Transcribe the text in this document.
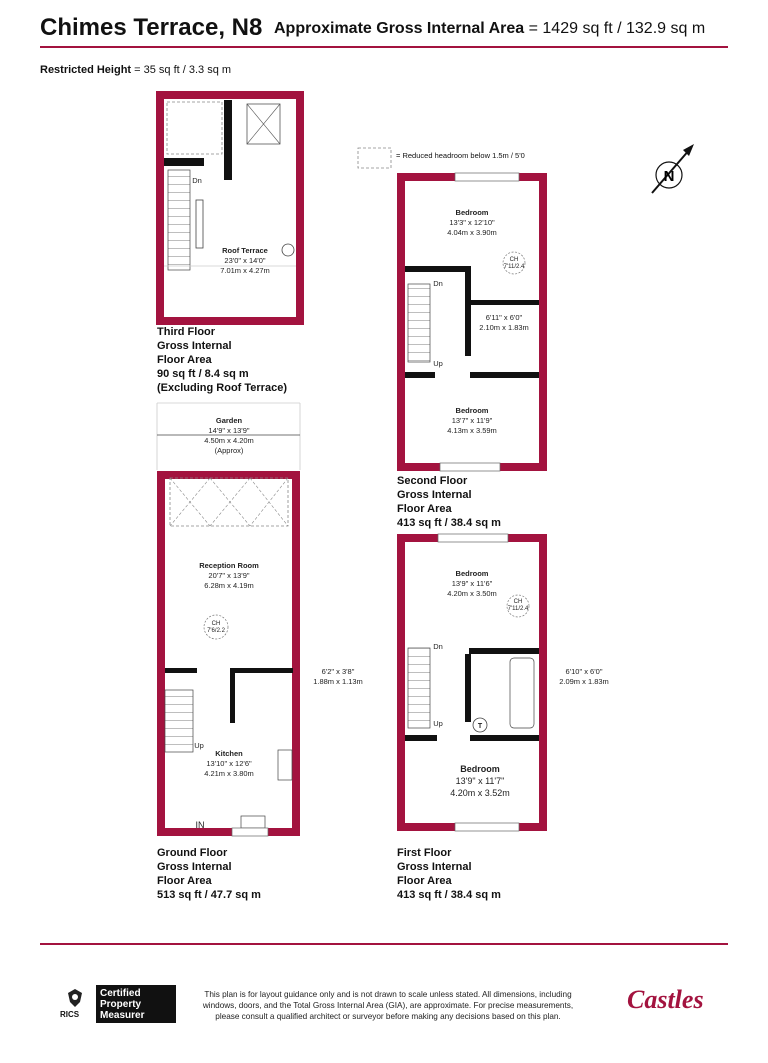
Chimes Terrace, N8 Approximate Gross Internal Area = 1429 sq ft / 132.9 sq m
Restricted Height = 35 sq ft / 3.3 sq m
Dn
Roof Terrace
23'0" x 14'0"
7.01m x 4.27m
Bedroom
13'3" x 12'10"
4.04m x 3.90m
CH
7'11/2.4
Dn
6'11" x 6'0"
2.10m x 1.83m
Up
Bedroom
13'7" x 11'9"
4.13m x 3.59m
Garden
14'9" x 13'9"
4.50m x 4.20m
(Approx)
Reception Room
20'7" x 13'9"
6.28m x 4.19m
CH
7'6/2.2
6'2" x 3'8"
1.88m x 1.13m
Up
Kitchen
13'10" x 12'6"
4.21m x 3.80m
IN
Bedroom
13'9" x 11'6"
4.20m x 3.50m
CH
7'11/2.4
Dn
6'10" x 6'0"
2.09m x 1.83m
Up	T
Bedroom
13'9" x 11'7"
4.20m x 3.52m
N
= Reduced headroom below 1.5m / 5'0
Third Floor
Gross Internal
Floor Area
90 sq ft / 8.4 sq m
(Excluding Roof Terrace)
Second Floor
Gross Internal
Floor Area
413 sq ft / 38.4 sq m
Ground Floor
Gross Internal
Floor Area
513 sq ft / 47.7 sq m
First Floor
Gross Internal
Floor Area
413 sq ft / 38.4 sq m
RICS
Certified
Property
Measurer
This plan is for layout guidance only and is not drawn to scale unless stated. All dimensions, including windows, doors, and the Total Gross Internal Area (GIA), are approximate. For precise measurements, please consult a qualified architect or surveyor before making any decisions based on this plan.
Castles
